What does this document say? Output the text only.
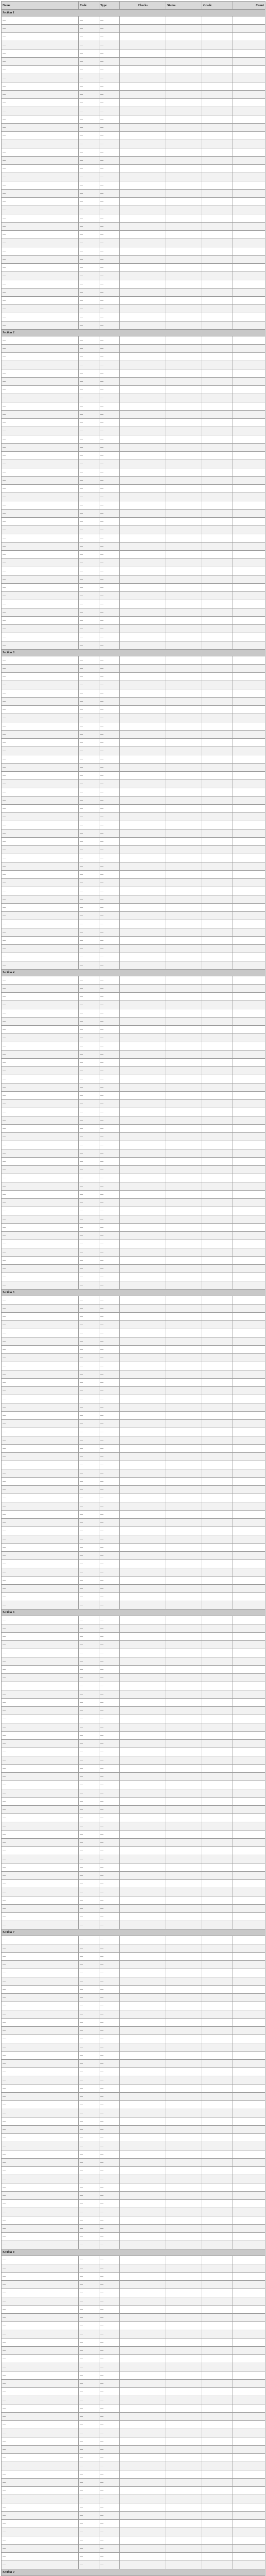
Name	Code	Type	Checks	Status	Grade	Count
Section 1						
—	—	—				
—	—	—				
—	—	—				
—	—	—				
—	—	—				
—	—	—				
—	—	—				
—	—	—				
—	—	—				
—	—	—				
—	—	—				
—	—	—				
—	—	—				
—	—	—				
—	—	—				
—	—	—				
—	—	—				
—	—	—				
—	—	—				
—	—	—				
—	—	—				
—	—	—				
—	—	—				
—	—	—				
—	—	—				
—	—	—				
—	—	—				
—	—	—				
—	—	—				
—	—	—				
—	—	—				
—	—	—				
—	—	—				
—	—	—				
—	—	—				
—	—	—				
—	—	—				
—	—	—				
Section 2						
—	—	—				
—	—	—				
—	—	—				
—	—	—				
—	—	—				
—	—	—				
—	—	—				
—	—	—				
—	—	—				
—	—	—				
—	—	—				
—	—	—				
—	—	—				
—	—	—				
—	—	—				
—	—	—				
—	—	—				
—	—	—				
—	—	—				
—	—	—				
—	—	—				
—	—	—				
—	—	—				
—	—	—				
—	—	—				
—	—	—				
—	—	—				
—	—	—				
—	—	—				
—	—	—				
—	—	—				
—	—	—				
—	—	—				
—	—	—				
—	—	—				
—	—	—				
—	—	—				
—	—	—				
Section 3						
—	—	—				
—	—	—				
—	—	—				
—	—	—				
—	—	—				
—	—	—				
—	—	—				
—	—	—				
—	—	—				
—	—	—				
—	—	—				
—	—	—				
—	—	—				
—	—	—				
—	—	—				
—	—	—				
—	—	—				
—	—	—				
—	—	—				
—	—	—				
—	—	—				
—	—	—				
—	—	—				
—	—	—				
—	—	—				
—	—	—				
—	—	—				
—	—	—				
—	—	—				
—	—	—				
—	—	—				
—	—	—				
—	—	—				
—	—	—				
—	—	—				
—	—	—				
—	—	—				
—	—	—				
Section 4						
—	—	—				
—	—	—				
—	—	—				
—	—	—				
—	—	—				
—	—	—				
—	—	—				
—	—	—				
—	—	—				
—	—	—				
—	—	—				
—	—	—				
—	—	—				
—	—	—				
—	—	—				
—	—	—				
—	—	—				
—	—	—				
—	—	—				
—	—	—				
—	—	—				
—	—	—				
—	—	—				
—	—	—				
—	—	—				
—	—	—				
—	—	—				
—	—	—				
—	—	—				
—	—	—				
—	—	—				
—	—	—				
—	—	—				
—	—	—				
—	—	—				
—	—	—				
—	—	—				
—	—	—				
Section 5						
—	—	—				
—	—	—				
—	—	—				
—	—	—				
—	—	—				
—	—	—				
—	—	—				
—	—	—				
—	—	—				
—	—	—				
—	—	—				
—	—	—				
—	—	—				
—	—	—				
—	—	—				
—	—	—				
—	—	—				
—	—	—				
—	—	—				
—	—	—				
—	—	—				
—	—	—				
—	—	—				
—	—	—				
—	—	—				
—	—	—				
—	—	—				
—	—	—				
—	—	—				
—	—	—				
—	—	—				
—	—	—				
—	—	—				
—	—	—				
—	—	—				
—	—	—				
—	—	—				
—	—	—				
Section 6						
—	—	—				
—	—	—				
—	—	—				
—	—	—				
—	—	—				
—	—	—				
—	—	—				
—	—	—				
—	—	—				
—	—	—				
—	—	—				
—	—	—				
—	—	—				
—	—	—				
—	—	—				
—	—	—				
—	—	—				
—	—	—				
—	—	—				
—	—	—				
—	—	—				
—	—	—				
—	—	—				
—	—	—				
—	—	—				
—	—	—				
—	—	—				
—	—	—				
—	—	—				
—	—	—				
—	—	—				
—	—	—				
—	—	—				
—	—	—				
—	—	—				
—	—	—				
—	—	—				
—	—	—				
Section 7						
—	—	—				
—	—	—				
—	—	—				
—	—	—				
—	—	—				
—	—	—				
—	—	—				
—	—	—				
—	—	—				
—	—	—				
—	—	—				
—	—	—				
—	—	—				
—	—	—				
—	—	—				
—	—	—				
—	—	—				
—	—	—				
—	—	—				
—	—	—				
—	—	—				
—	—	—				
—	—	—				
—	—	—				
—	—	—				
—	—	—				
—	—	—				
—	—	—				
—	—	—				
—	—	—				
—	—	—				
—	—	—				
—	—	—				
—	—	—				
—	—	—				
—	—	—				
—	—	—				
—	—	—				
Section 8						
—	—	—				
—	—	—				
—	—	—				
—	—	—				
—	—	—				
—	—	—				
—	—	—				
—	—	—				
—	—	—				
—	—	—				
—	—	—				
—	—	—				
—	—	—				
—	—	—				
—	—	—				
—	—	—				
—	—	—				
—	—	—				
—	—	—				
—	—	—				
—	—	—				
—	—	—				
—	—	—				
—	—	—				
—	—	—				
—	—	—				
—	—	—				
—	—	—				
—	—	—				
—	—	—				
—	—	—				
—	—	—				
—	—	—				
—	—	—				
—	—	—				
—	—	—				
—	—	—				
—	—	—				
Section 9						
